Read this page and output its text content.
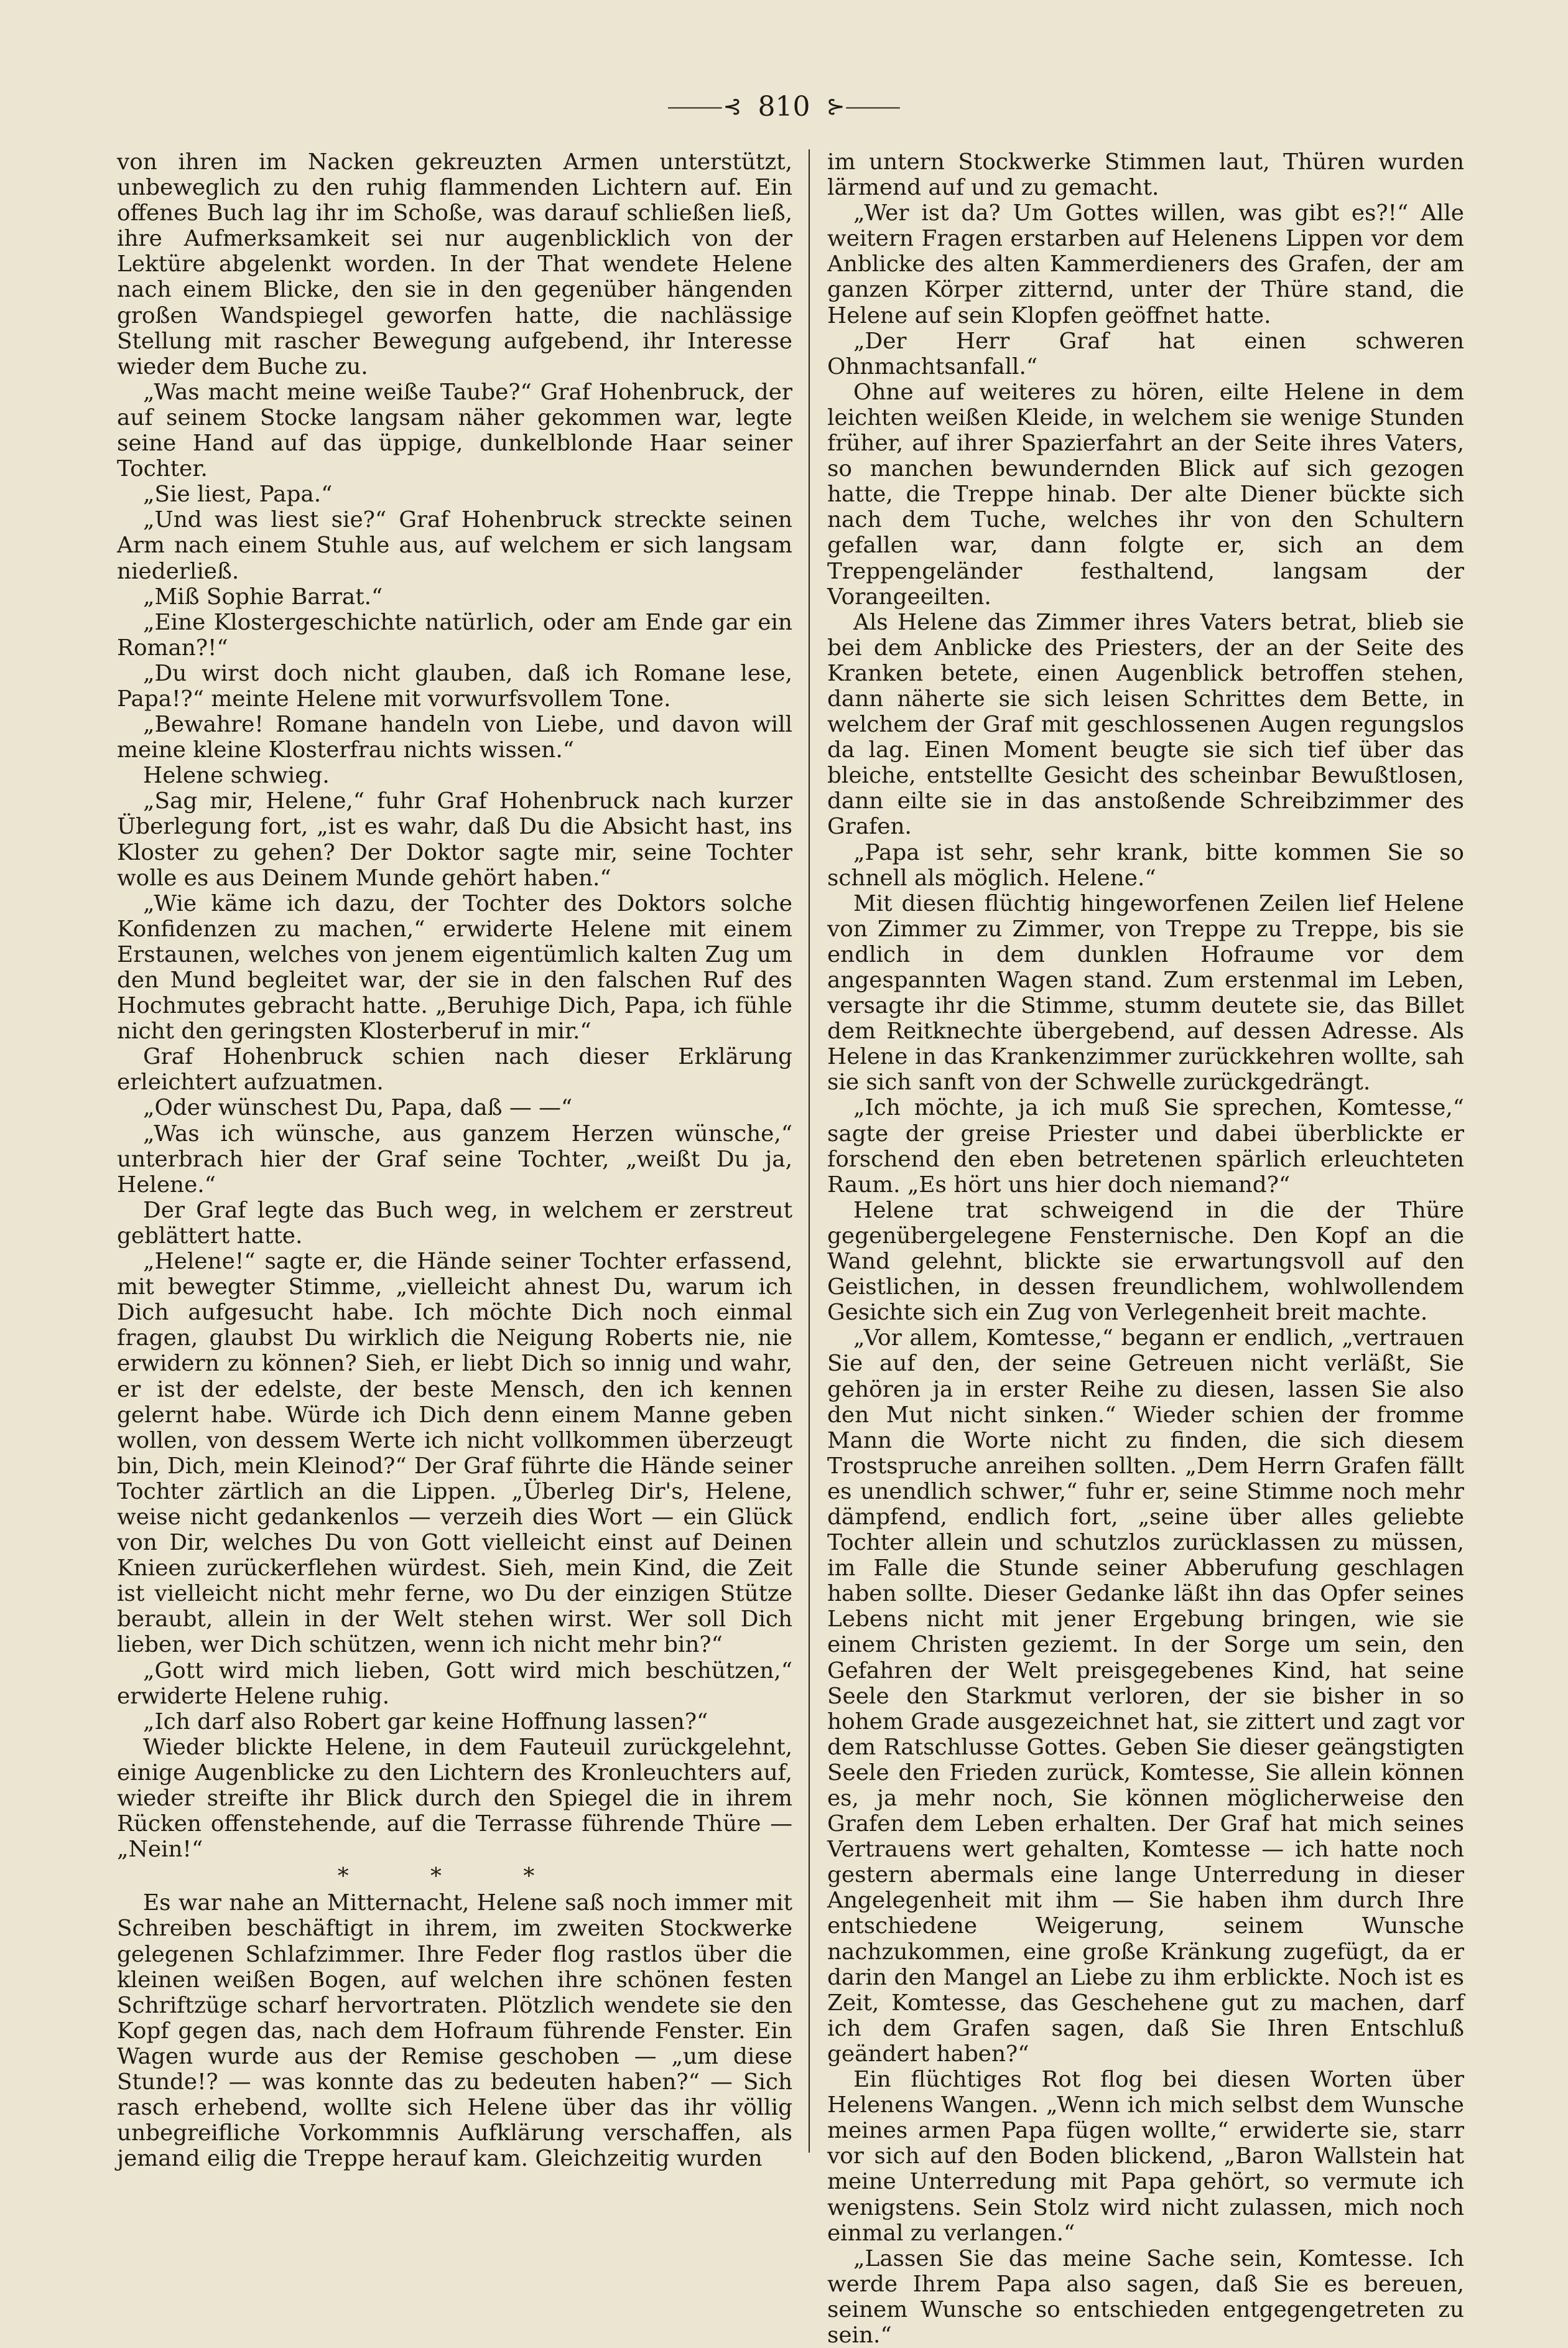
⸻⊰ 810 ⊱⸻

von ihren im Nacken gekreuzten Armen unterstützt, unbeweglich zu den ruhig flammenden Lichtern auf. Ein offenes Buch lag ihr im Schoße, was darauf schließen ließ, ihre Aufmerksamkeit sei nur augenblicklich von der Lektüre abgelenkt worden. In der That wendete Helene nach einem Blicke, den sie in den gegenüber hängenden großen Wandspiegel geworfen hatte, die nachlässige Stellung mit rascher Bewegung aufgebend, ihr Interesse wieder dem Buche zu.

„Was macht meine weiße Taube?“ Graf Hohenbruck, der auf seinem Stocke langsam näher gekommen war, legte seine Hand auf das üppige, dunkelblonde Haar seiner Tochter.

„Sie liest, Papa.“

„Und was liest sie?“ Graf Hohenbruck streckte seinen Arm nach einem Stuhle aus, auf welchem er sich langsam niederließ.

„Miß Sophie Barrat.“

„Eine Klostergeschichte natürlich, oder am Ende gar ein Roman?!“

„Du wirst doch nicht glauben, daß ich Romane lese, Papa!?“ meinte Helene mit vorwurfsvollem Tone.

„Bewahre! Romane handeln von Liebe, und davon will meine kleine Klosterfrau nichts wissen.“

Helene schwieg.

„Sag mir, Helene,“ fuhr Graf Hohenbruck nach kurzer Überlegung fort, „ist es wahr, daß Du die Absicht hast, ins Kloster zu gehen? Der Doktor sagte mir, seine Tochter wolle es aus Deinem Munde gehört haben.“

„Wie käme ich dazu, der Tochter des Doktors solche Konfidenzen zu machen,“ erwiderte Helene mit einem Erstaunen, welches von jenem eigentümlich kalten Zug um den Mund begleitet war, der sie in den falschen Ruf des Hochmutes gebracht hatte. „Beruhige Dich, Papa, ich fühle nicht den geringsten Klosterberuf in mir.“

Graf Hohenbruck schien nach dieser Erklärung erleichtert aufzuatmen.

„Oder wünschest Du, Papa, daß — —“

„Was ich wünsche, aus ganzem Herzen wünsche,“ unterbrach hier der Graf seine Tochter, „weißt Du ja, Helene.“

Der Graf legte das Buch weg, in welchem er zerstreut geblättert hatte.

„Helene!“ sagte er, die Hände seiner Tochter erfassend, mit bewegter Stimme, „vielleicht ahnest Du, warum ich Dich aufgesucht habe. Ich möchte Dich noch einmal fragen, glaubst Du wirklich die Neigung Roberts nie, nie erwidern zu können? Sieh, er liebt Dich so innig und wahr, er ist der edelste, der beste Mensch, den ich kennen gelernt habe. Würde ich Dich denn einem Manne geben wollen, von dessem Werte ich nicht vollkommen überzeugt bin, Dich, mein Kleinod?“ Der Graf führte die Hände seiner Tochter zärtlich an die Lippen. „Überleg Dir's, Helene, weise nicht gedankenlos — verzeih dies Wort — ein Glück von Dir, welches Du von Gott vielleicht einst auf Deinen Knieen zurückerflehen würdest. Sieh, mein Kind, die Zeit ist vielleicht nicht mehr ferne, wo Du der einzigen Stütze beraubt, allein in der Welt stehen wirst. Wer soll Dich lieben, wer Dich schützen, wenn ich nicht mehr bin?“

„Gott wird mich lieben, Gott wird mich beschützen,“ erwiderte Helene ruhig.

„Ich darf also Robert gar keine Hoffnung lassen?“

Wieder blickte Helene, in dem Fauteuil zurückgelehnt, einige Augenblicke zu den Lichtern des Kronleuchters auf, wieder streifte ihr Blick durch den Spiegel die in ihrem Rücken offenstehende, auf die Terrasse führende Thüre — „Nein!“

* * *

Es war nahe an Mitternacht, Helene saß noch immer mit Schreiben beschäftigt in ihrem, im zweiten Stockwerke gelegenen Schlafzimmer. Ihre Feder flog rastlos über die kleinen weißen Bogen, auf welchen ihre schönen festen Schriftzüge scharf hervortraten. Plötzlich wendete sie den Kopf gegen das, nach dem Hofraum führende Fenster. Ein Wagen wurde aus der Remise geschoben — „um diese Stunde!? — was konnte das zu bedeuten haben?“ — Sich rasch erhebend, wollte sich Helene über das ihr völlig unbegreifliche Vorkommnis Aufklärung verschaffen, als jemand eilig die Treppe herauf kam. Gleichzeitig wurden

im untern Stockwerke Stimmen laut, Thüren wurden lärmend auf und zu gemacht.

„Wer ist da? Um Gottes willen, was gibt es?!“ Alle weitern Fragen erstarben auf Helenens Lippen vor dem Anblicke des alten Kammerdieners des Grafen, der am ganzen Körper zitternd, unter der Thüre stand, die Helene auf sein Klopfen geöffnet hatte.

„Der Herr Graf hat einen schweren Ohnmachtsanfall.“

Ohne auf weiteres zu hören, eilte Helene in dem leichten weißen Kleide, in welchem sie wenige Stunden früher, auf ihrer Spazierfahrt an der Seite ihres Vaters, so manchen bewundernden Blick auf sich gezogen hatte, die Treppe hinab. Der alte Diener bückte sich nach dem Tuche, welches ihr von den Schultern gefallen war, dann folgte er, sich an dem Treppengeländer festhaltend, langsam der Vorangeeilten.

Als Helene das Zimmer ihres Vaters betrat, blieb sie bei dem Anblicke des Priesters, der an der Seite des Kranken betete, einen Augenblick betroffen stehen, dann näherte sie sich leisen Schrittes dem Bette, in welchem der Graf mit geschlossenen Augen regungslos da lag. Einen Moment beugte sie sich tief über das bleiche, entstellte Gesicht des scheinbar Bewußtlosen, dann eilte sie in das anstoßende Schreibzimmer des Grafen.

„Papa ist sehr, sehr krank, bitte kommen Sie so schnell als möglich. Helene.“

Mit diesen flüchtig hingeworfenen Zeilen lief Helene von Zimmer zu Zimmer, von Treppe zu Treppe, bis sie endlich in dem dunklen Hofraume vor dem angespannten Wagen stand. Zum erstenmal im Leben, versagte ihr die Stimme, stumm deutete sie, das Billet dem Reitknechte übergebend, auf dessen Adresse. Als Helene in das Krankenzimmer zurückkehren wollte, sah sie sich sanft von der Schwelle zurückgedrängt.

„Ich möchte, ja ich muß Sie sprechen, Komtesse,“ sagte der greise Priester und dabei überblickte er forschend den eben betretenen spärlich erleuchteten Raum. „Es hört uns hier doch niemand?“

Helene trat schweigend in die der Thüre gegenübergelegene Fensternische. Den Kopf an die Wand gelehnt, blickte sie erwartungsvoll auf den Geistlichen, in dessen freundlichem, wohlwollendem Gesichte sich ein Zug von Verlegenheit breit machte.

„Vor allem, Komtesse,“ begann er endlich, „vertrauen Sie auf den, der seine Getreuen nicht verläßt, Sie gehören ja in erster Reihe zu diesen, lassen Sie also den Mut nicht sinken.“ Wieder schien der fromme Mann die Worte nicht zu finden, die sich diesem Trostspruche anreihen sollten. „Dem Herrn Grafen fällt es unendlich schwer,“ fuhr er, seine Stimme noch mehr dämpfend, endlich fort, „seine über alles geliebte Tochter allein und schutzlos zurücklassen zu müssen, im Falle die Stunde seiner Abberufung geschlagen haben sollte. Dieser Gedanke läßt ihn das Opfer seines Lebens nicht mit jener Ergebung bringen, wie sie einem Christen geziemt. In der Sorge um sein, den Gefahren der Welt preisgegebenes Kind, hat seine Seele den Starkmut verloren, der sie bisher in so hohem Grade ausgezeichnet hat, sie zittert und zagt vor dem Ratschlusse Gottes. Geben Sie dieser geängstigten Seele den Frieden zurück, Komtesse, Sie allein können es, ja mehr noch, Sie können möglicherweise den Grafen dem Leben erhalten. Der Graf hat mich seines Vertrauens wert gehalten, Komtesse — ich hatte noch gestern abermals eine lange Unterredung in dieser Angelegenheit mit ihm — Sie haben ihm durch Ihre entschiedene Weigerung, seinem Wunsche nachzukommen, eine große Kränkung zugefügt, da er darin den Mangel an Liebe zu ihm erblickte. Noch ist es Zeit, Komtesse, das Geschehene gut zu machen, darf ich dem Grafen sagen, daß Sie Ihren Entschluß geändert haben?“

Ein flüchtiges Rot flog bei diesen Worten über Helenens Wangen. „Wenn ich mich selbst dem Wunsche meines armen Papa fügen wollte,“ erwiderte sie, starr vor sich auf den Boden blickend, „Baron Wallstein hat meine Unterredung mit Papa gehört, so vermute ich wenigstens. Sein Stolz wird nicht zulassen, mich noch einmal zu verlangen.“

„Lassen Sie das meine Sache sein, Komtesse. Ich werde Ihrem Papa also sagen, daß Sie es bereuen, seinem Wunsche so entschieden entgegengetreten zu sein.“
